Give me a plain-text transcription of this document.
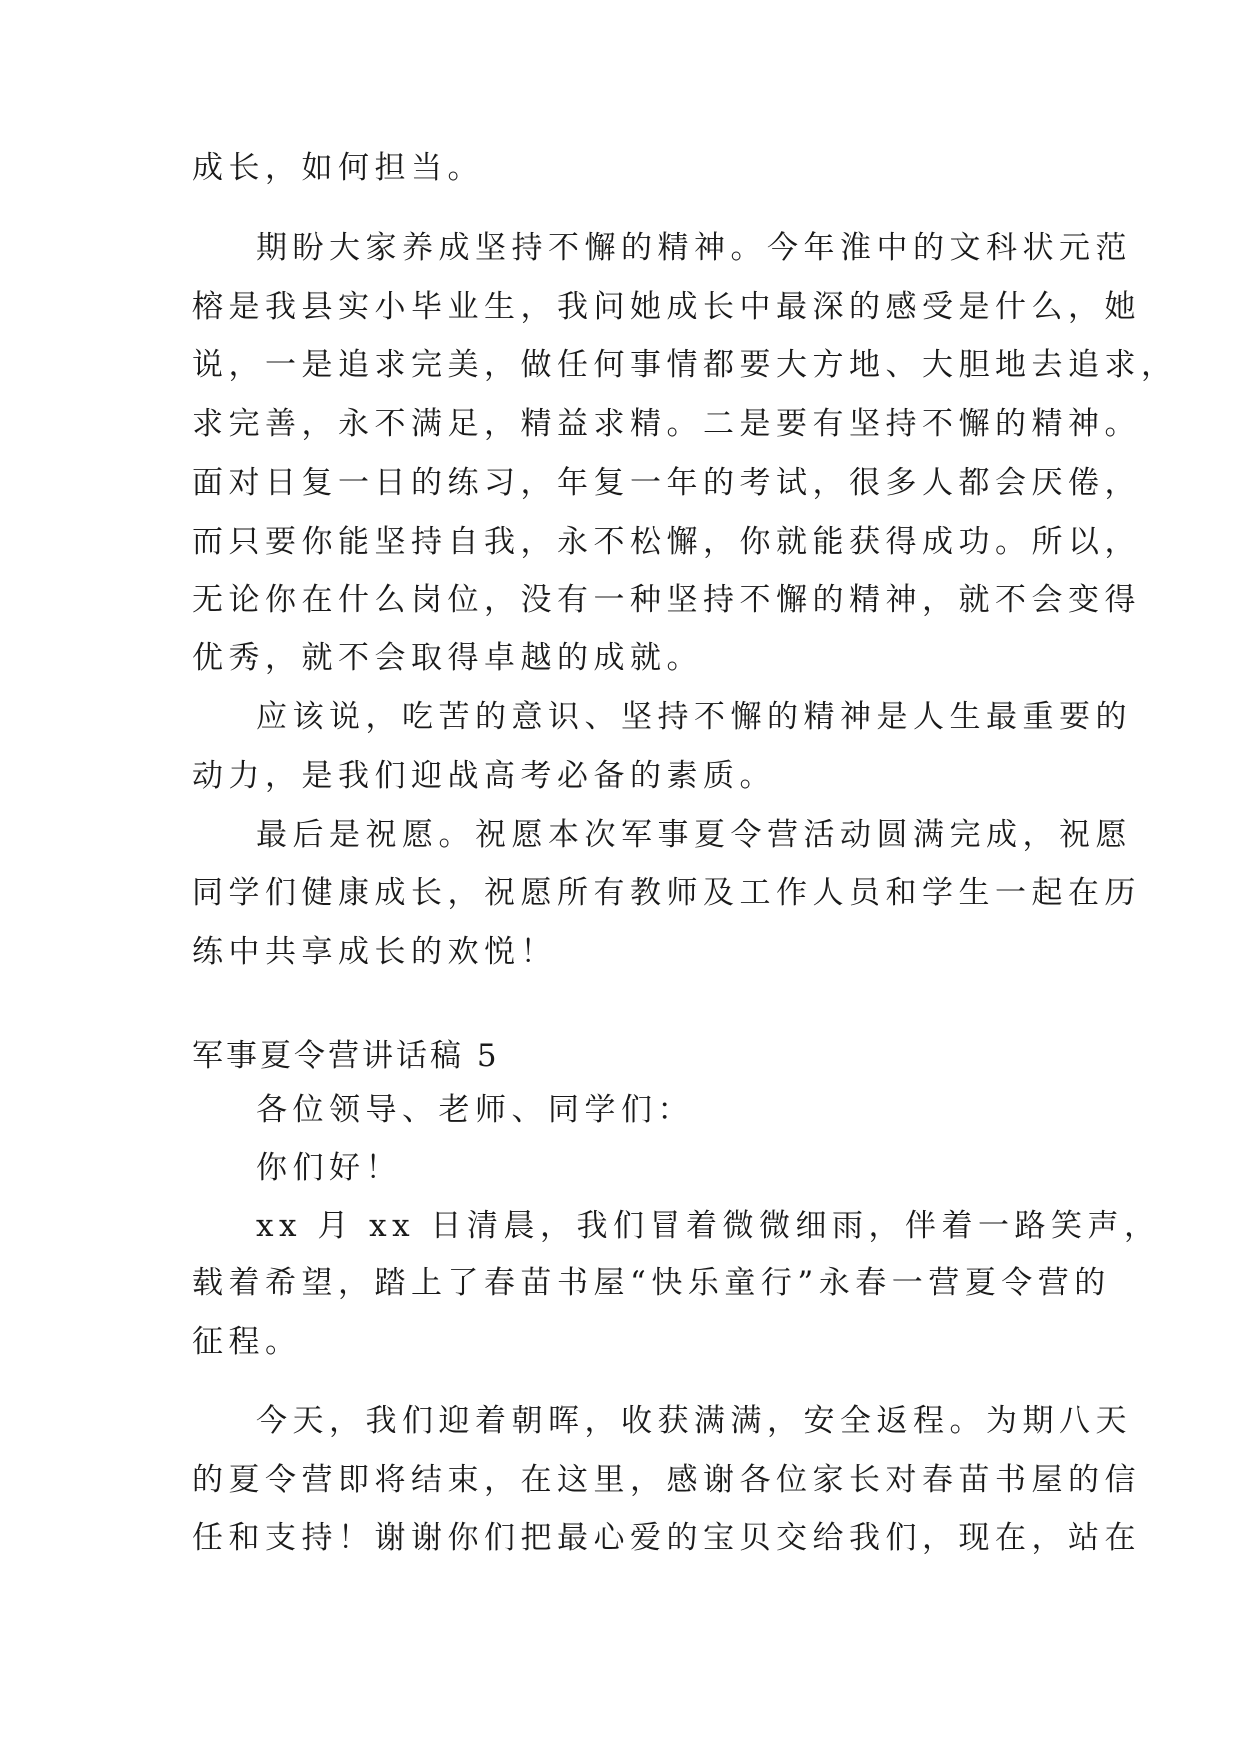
成长，如何担当。
期盼大家养成坚持不懈的精神。今年淮中的文科状元范
榕是我县实小毕业生，我问她成长中最深的感受是什么，她
说，一是追求完美，做任何事情都要大方地、大胆地去追求，
求完善，永不满足，精益求精。二是要有坚持不懈的精神。
面对日复一日的练习，年复一年的考试，很多人都会厌倦，
而只要你能坚持自我，永不松懈，你就能获得成功。所以，
无论你在什么岗位，没有一种坚持不懈的精神，就不会变得
优秀，就不会取得卓越的成就。
应该说，吃苦的意识、坚持不懈的精神是人生最重要的
动力，是我们迎战高考必备的素质。
最后是祝愿。祝愿本次军事夏令营活动圆满完成，祝愿
同学们健康成长，祝愿所有教师及工作人员和学生一起在历
练中共享成长的欢悦！
军事夏令营讲话稿 5
各位领导、老师、同学们：
你们好！
xx 月 xx 日清晨，我们冒着微微细雨，伴着一路笑声，
载着希望，踏上了春苗书屋“快乐童行”永春一营夏令营的
征程。
今天，我们迎着朝晖，收获满满，安全返程。为期八天
的夏令营即将结束，在这里，感谢各位家长对春苗书屋的信
任和支持！谢谢你们把最心爱的宝贝交给我们，现在，站在
